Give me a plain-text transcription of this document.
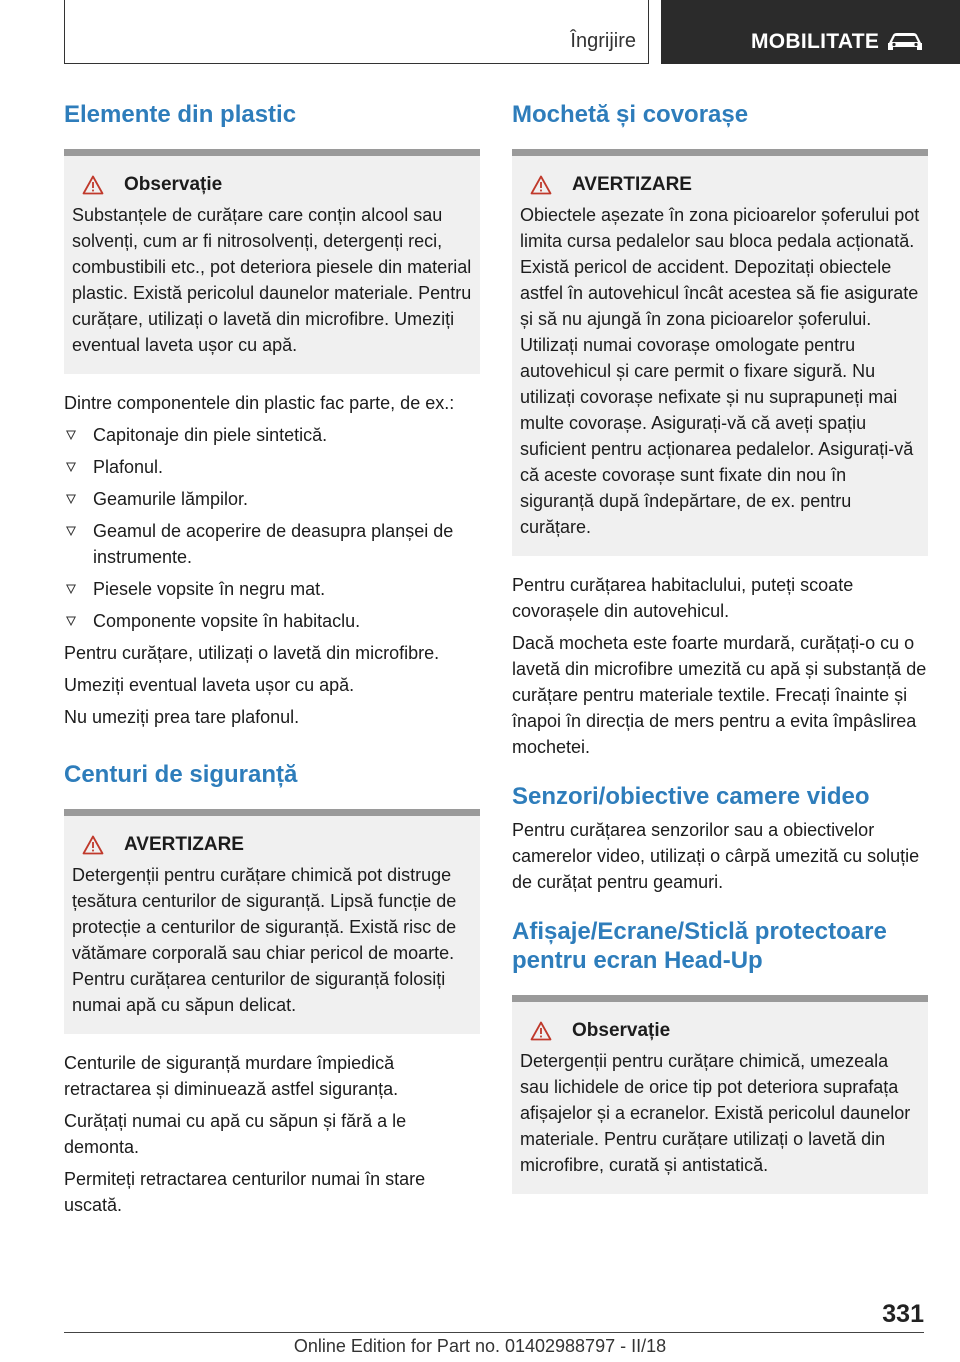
Îngrijire	MOBILITATE
Elemente din plastic
Observație
Substanțele de curățare care conțin alcool sau solvenți, cum ar fi nitrosolvenți, detergenți reci, combustibili etc., pot deteriora piesele din material plastic. Există pericolul daunelor materiale. Pentru curățare, utilizați o lavetă din microfibre. Umeziți eventual laveta ușor cu apă.

Dintre componentele din plastic fac parte, de ex.:

Capitonaje din piele sintetică.
Plafonul.
Geamurile lămpilor.
Geamul de acoperire de deasupra planșei de instrumente.
Piesele vopsite în negru mat.
Componente vopsite în habitaclu.

Pentru curățare, utilizați o lavetă din microfibre.

Umeziți eventual laveta ușor cu apă.

Nu umeziți prea tare plafonul.

Centuri de siguranță
AVERTIZARE
Detergenții pentru curățare chimică pot distruge țesătura centurilor de siguranță. Lipsă funcție de protecție a centurilor de siguranță. Există risc de vătămare corporală sau chiar pericol de moarte. Pentru curățarea centurilor de siguranță folosiți numai apă cu săpun delicat.

Centurile de siguranță murdare împiedică retractarea și diminuează astfel siguranța.

Curățați numai cu apă cu săpun și fără a le demonta.

Permiteți retractarea centurilor numai în stare uscată.

Mochetă și covorașe
AVERTIZARE
Obiectele așezate în zona picioarelor șoferului pot limita cursa pedalelor sau bloca pedala acționată. Există pericol de accident. Depozitați obiectele astfel în autovehicul încât acestea să fie asigurate și să nu ajungă în zona picioarelor șoferului. Utilizați numai covorașe omologate pentru autovehicul și care permit o fixare sigură. Nu utilizați covorașe nefixate și nu suprapuneți mai multe covorașe. Asigurați-vă că aveți spațiu suficient pentru acționarea pedalelor. Asigurați-vă că aceste covorașe sunt fixate din nou în siguranță după îndepărtare, de ex. pentru curățare.

Pentru curățarea habitaclului, puteți scoate covorașele din autovehicul.

Dacă mocheta este foarte murdară, curățați-o cu o lavetă din microfibre umezită cu apă și substanță de curățare pentru materiale textile. Frecați înainte și înapoi în direcția de mers pentru a evita împâslirea mochetei.

Senzori/obiective camere video

Pentru curățarea senzorilor sau a obiectivelor camerelor video, utilizați o cârpă umezită cu soluție de curățat pentru geamuri.

Afișaje/Ecrane/Sticlă protectoare pentru ecran Head-Up
Observație
Detergenții pentru curățare chimică, umezeala sau lichidele de orice tip pot deteriora suprafața afișajelor și a ecranelor. Există pericolul daunelor materiale. Pentru curățare utilizați o lavetă din microfibre, curată și antistatică.
331
Online Edition for Part no. 01402988797 - II/18
